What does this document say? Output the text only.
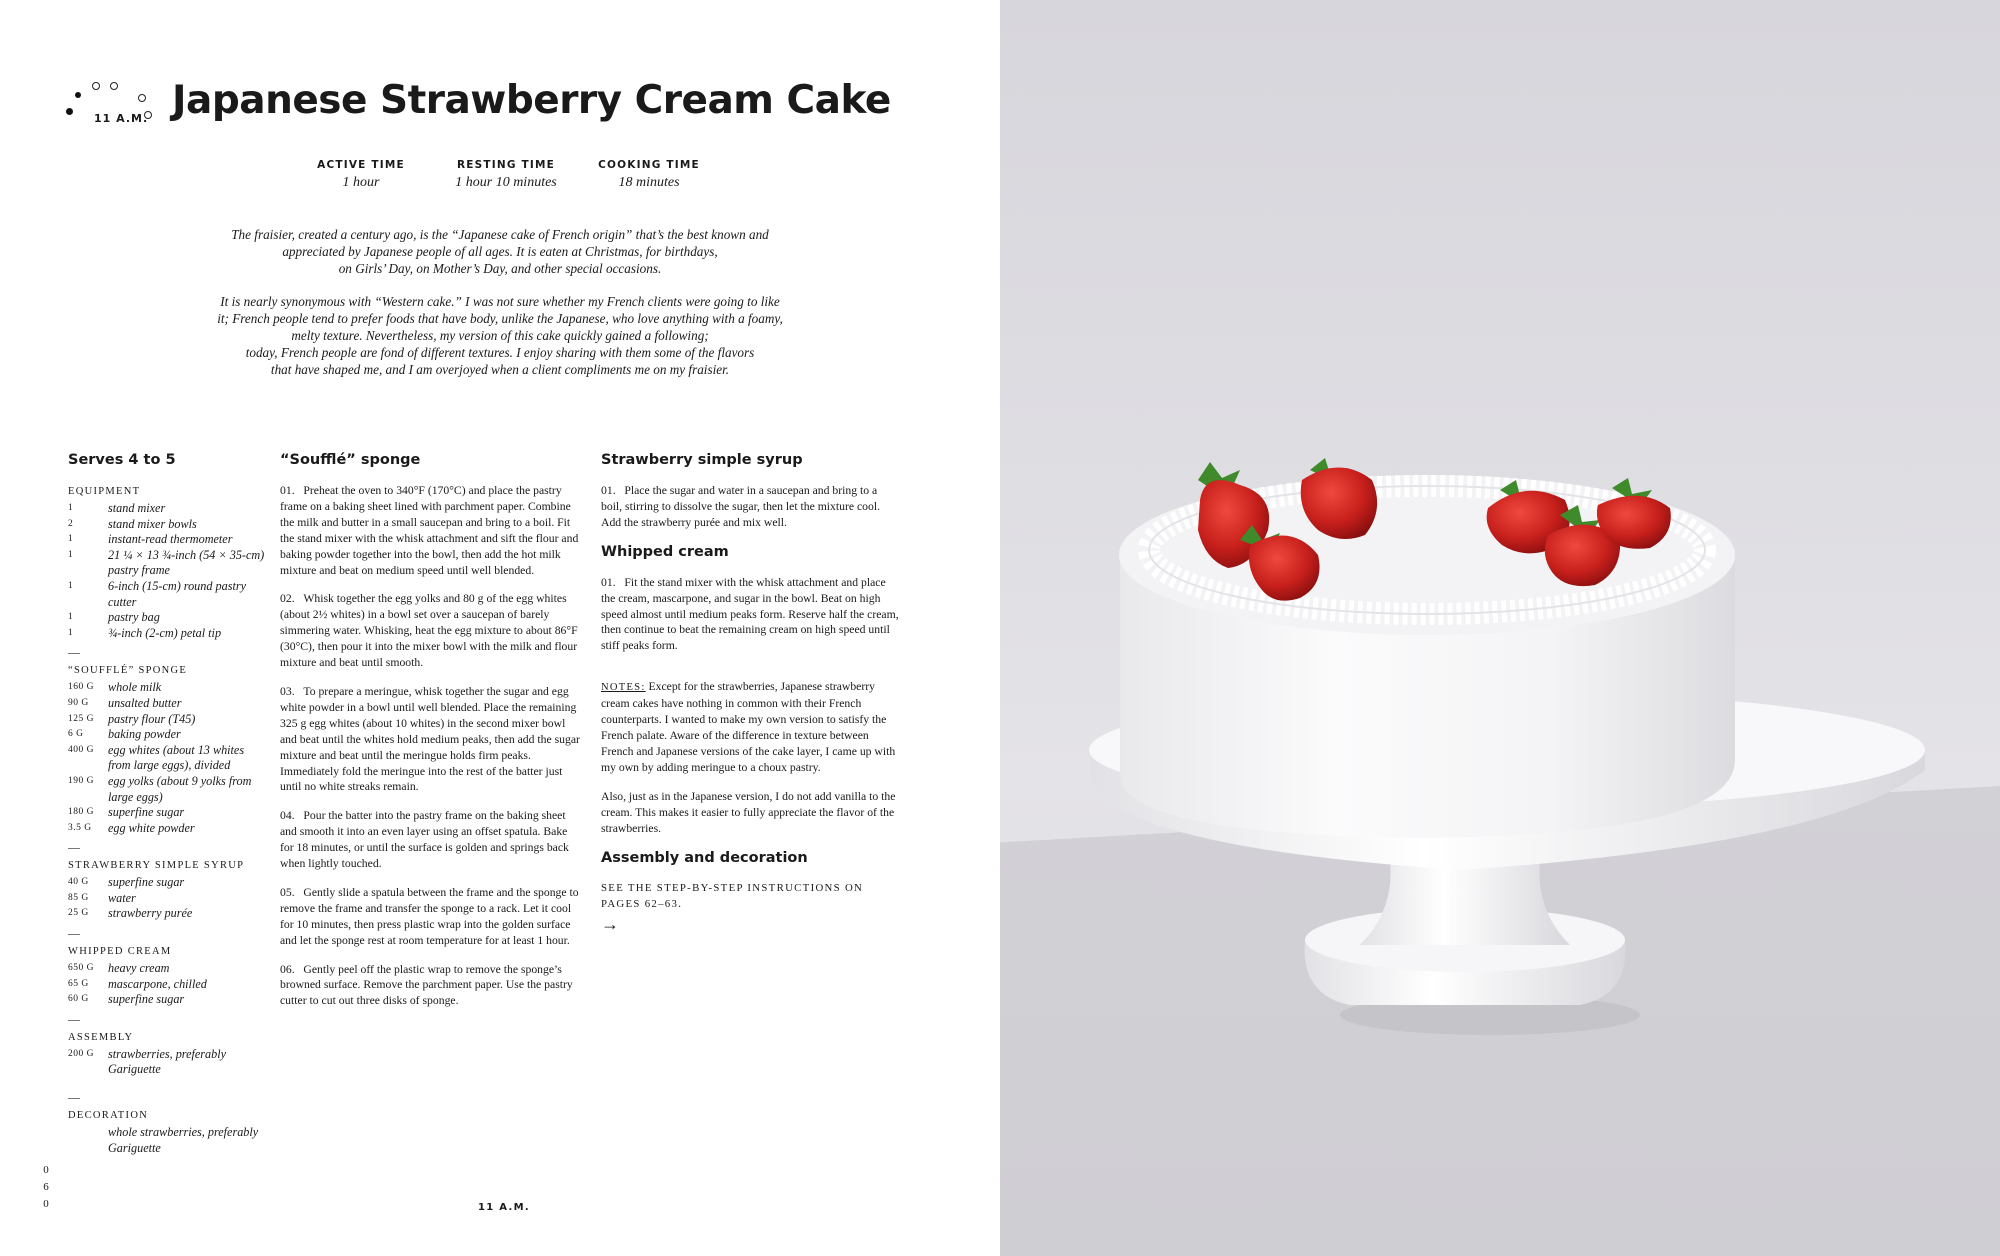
11 A.M. Japanese Strawberry Cream Cake
ACTIVE TIME
1 hour
RESTING TIME
1 hour 10 minutes
COOKING TIME
18 minutes

The fraisier, created a century ago, is the “Japanese cake of French origin” that’s the best known and
appreciated by Japanese people of all ages. It is eaten at Christmas, for birthdays,
on Girls’ Day, on Mother’s Day, and other special occasions.

It is nearly synonymous with “Western cake.” I was not sure whether my French clients were going to like
it; French people tend to prefer foods that have body, unlike the Japanese, who love anything with a foamy,
melty texture. Nevertheless, my version of this cake quickly gained a following;
today, French people are fond of different textures. I enjoy sharing with them some of the flavors
that have shaped me, and I am overjoyed when a client compliments me on my fraisier.

Serves 4 to 5
EQUIPMENT
1	stand mixer
2	stand mixer bowls
1	instant-read thermometer
1	21 ¼ × 13 ¾-inch (54 × 35-cm) pastry frame
1	6-inch (15-cm) round pastry cutter
1	pastry bag
1	¾-inch (2-cm) petal tip
—
“SOUFFLÉ” SPONGE
160 G	whole milk
90 G	unsalted butter
125 G	pastry flour (T45)
6 G	baking powder
400 G	egg whites (about 13 whites from large eggs), divided
190 G	egg yolks (about 9 yolks from large eggs)
180 G	superfine sugar
3.5 G	egg white powder
—
STRAWBERRY SIMPLE SYRUP
40 G	superfine sugar
85 G	water
25 G	strawberry purée
—
WHIPPED CREAM
650 G	heavy cream
65 G	mascarpone, chilled
60 G	superfine sugar
—
ASSEMBLY
200 G	strawberries, preferably Gariguette
—
DECORATION
whole strawberries, preferably Gariguette
“Soufflé” sponge

01. Preheat the oven to 340°F (170°C) and place the pastry frame on a baking sheet lined with parchment paper. Combine the milk and butter in a small saucepan and bring to a boil. Fit the stand mixer with the whisk attachment and sift the flour and baking powder together into the bowl, then add the hot milk mixture and beat on medium speed until well blended.

02. Whisk together the egg yolks and 80 g of the egg whites (about 2½ whites) in a bowl set over a saucepan of barely simmering water. Whisking, heat the egg mixture to about 86°F (30°C), then pour it into the mixer bowl with the milk and flour mixture and beat until smooth.

03. To prepare a meringue, whisk together the sugar and egg white powder in a bowl until well blended. Place the remaining 325 g egg whites (about 10 whites) in the second mixer bowl and beat until the whites hold medium peaks, then add the sugar mixture and beat until the meringue holds firm peaks. Immediately fold the meringue into the rest of the batter just until no white streaks remain.

04. Pour the batter into the pastry frame on the baking sheet and smooth it into an even layer using an offset spatula. Bake for 18 minutes, or until the surface is golden and springs back when lightly touched.

05. Gently slide a spatula between the frame and the sponge to remove the frame and transfer the sponge to a rack. Let it cool for 10 minutes, then press plastic wrap into the golden surface and let the sponge rest at room temperature for at least 1 hour.

06. Gently peel off the plastic wrap to remove the sponge’s browned surface. Remove the parchment paper. Use the pastry cutter to cut out three disks of sponge.

Strawberry simple syrup

01. Place the sugar and water in a saucepan and bring to a boil, stirring to dissolve the sugar, then let the mixture cool. Add the strawberry purée and mix well.

Whipped cream

01. Fit the stand mixer with the whisk attachment and place the cream, mascarpone, and sugar in the bowl. Beat on high speed almost until medium peaks form. Reserve half the cream, then continue to beat the remaining cream on high speed until stiff peaks form.

NOTES: Except for the strawberries, Japanese strawberry cream cakes have nothing in common with their French counterparts. I wanted to make my own version to satisfy the French palate. Aware of the difference in texture between French and Japanese versions of the cake layer, I came up with my own by adding meringue to a choux pastry.

Also, just as in the Japanese version, I do not add vanilla to the cream. This makes it easier to fully appreciate the flavor of the strawberries.

Assembly and decoration
SEE THE STEP-BY-STEP INSTRUCTIONS ON PAGES 62–63.
→
0
6
0	11 A.M.
